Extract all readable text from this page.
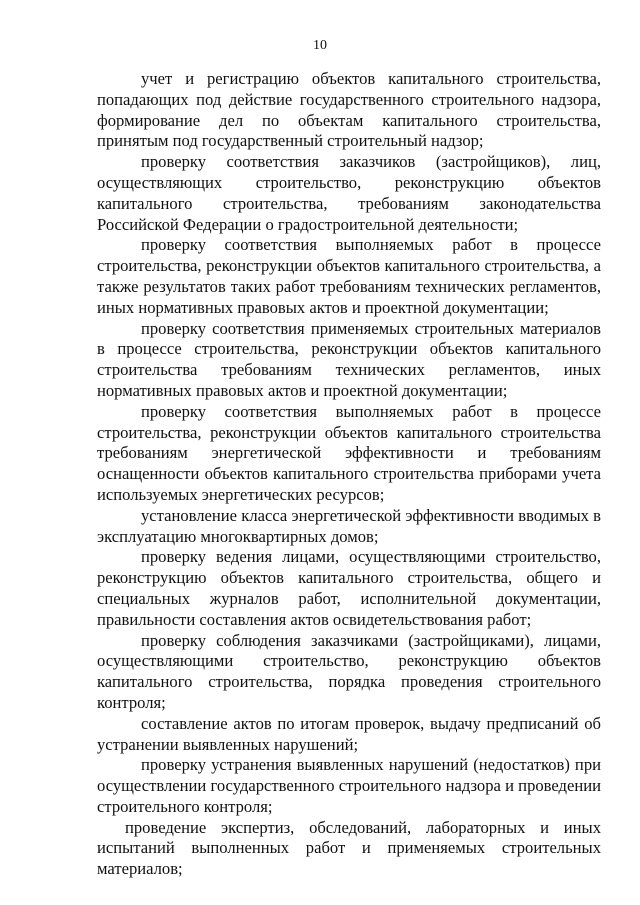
10

учет и регистрацию объектов капитального строительства, попадающих под действие государственного строительного надзора, формирование дел по объектам капитального строительства, принятым под государственный строительный надзор;

проверку соответствия заказчиков (застройщиков), лиц, осуществляющих строительство, реконструкцию объектов капитального строительства, требованиям законодательства Российской Федерации о градостроительной деятельности;

проверку соответствия выполняемых работ в процессе строительства, реконструкции объектов капитального строительства, а также результатов таких работ требованиям технических регламентов, иных нормативных правовых актов и проектной документации;

проверку соответствия применяемых строительных материалов в процессе строительства, реконструкции объектов капитального строительства требованиям технических регламентов, иных нормативных правовых актов и проектной документации;

проверку соответствия выполняемых работ в процессе строительства, реконструкции объектов капитального строительства требованиям энергетической эффективности и требованиям оснащенности объектов капитального строительства приборами учета используемых энергетических ресурсов;

установление класса энергетической эффективности вводимых в эксплуатацию многоквартирных домов;

проверку ведения лицами, осуществляющими строительство, реконструкцию объектов капитального строительства, общего и специальных журналов работ, исполнительной документации, правильности составления актов освидетельствования работ;

проверку соблюдения заказчиками (застройщиками), лицами, осуществляющими строительство, реконструкцию объектов капитального строительства, порядка проведения строительного контроля;

составление актов по итогам проверок, выдачу предписаний об устранении выявленных нарушений;

проверку устранения выявленных нарушений (недостатков) при осуществлении государственного строительного надзора и проведении строительного контроля;

проведение экспертиз, обследований, лабораторных и иных испытаний выполненных работ и применяемых строительных материалов;
